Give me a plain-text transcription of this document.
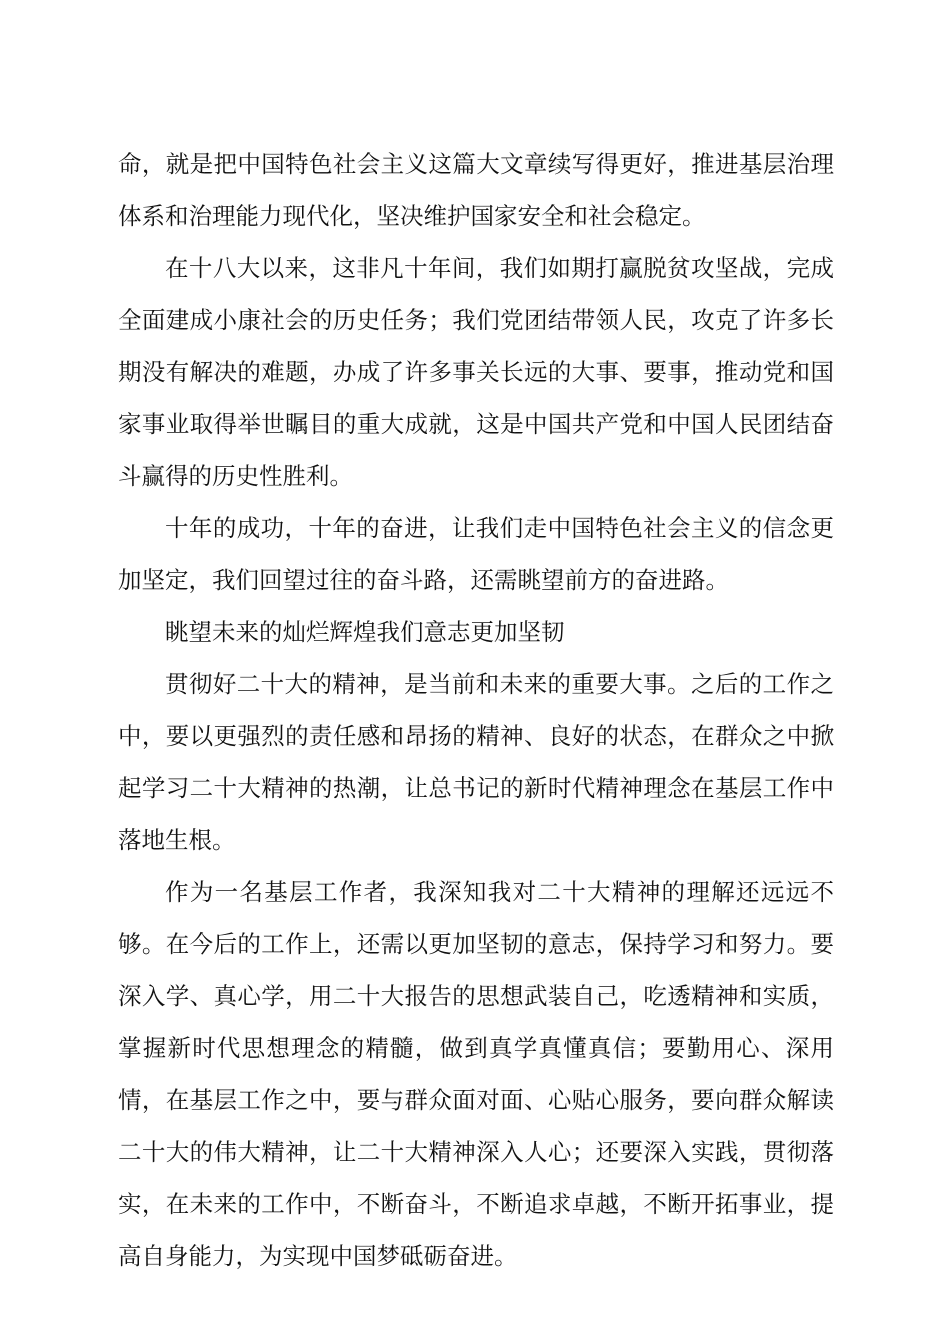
命，就是把中国特色社会主义这篇大文章续写得更好，推进基层治理体系和治理能力现代化，坚决维护国家安全和社会稳定。

在十八大以来，这非凡十年间，我们如期打赢脱贫攻坚战，完成全面建成小康社会的历史任务；我们党团结带领人民，攻克了许多长期没有解决的难题，办成了许多事关长远的大事、要事，推动党和国家事业取得举世瞩目的重大成就，这是中国共产党和中国人民团结奋斗赢得的历史性胜利。

十年的成功，十年的奋进，让我们走中国特色社会主义的信念更加坚定，我们回望过往的奋斗路，还需眺望前方的奋进路。

眺望未来的灿烂辉煌我们意志更加坚韧

贯彻好二十大的精神，是当前和未来的重要大事。之后的工作之中，要以更强烈的责任感和昂扬的精神、良好的状态，在群众之中掀起学习二十大精神的热潮，让总书记的新时代精神理念在基层工作中落地生根。

作为一名基层工作者，我深知我对二十大精神的理解还远远不够。在今后的工作上，还需以更加坚韧的意志，保持学习和努力。要深入学、真心学，用二十大报告的思想武装自己，吃透精神和实质，掌握新时代思想理念的精髓，做到真学真懂真信；要勤用心、深用情，在基层工作之中，要与群众面对面、心贴心服务，要向群众解读二十大的伟大精神，让二十大精神深入人心；还要深入实践，贯彻落实，在未来的工作中，不断奋斗，不断追求卓越，不断开拓事业，提高自身能力，为实现中国梦砥砺奋进。
